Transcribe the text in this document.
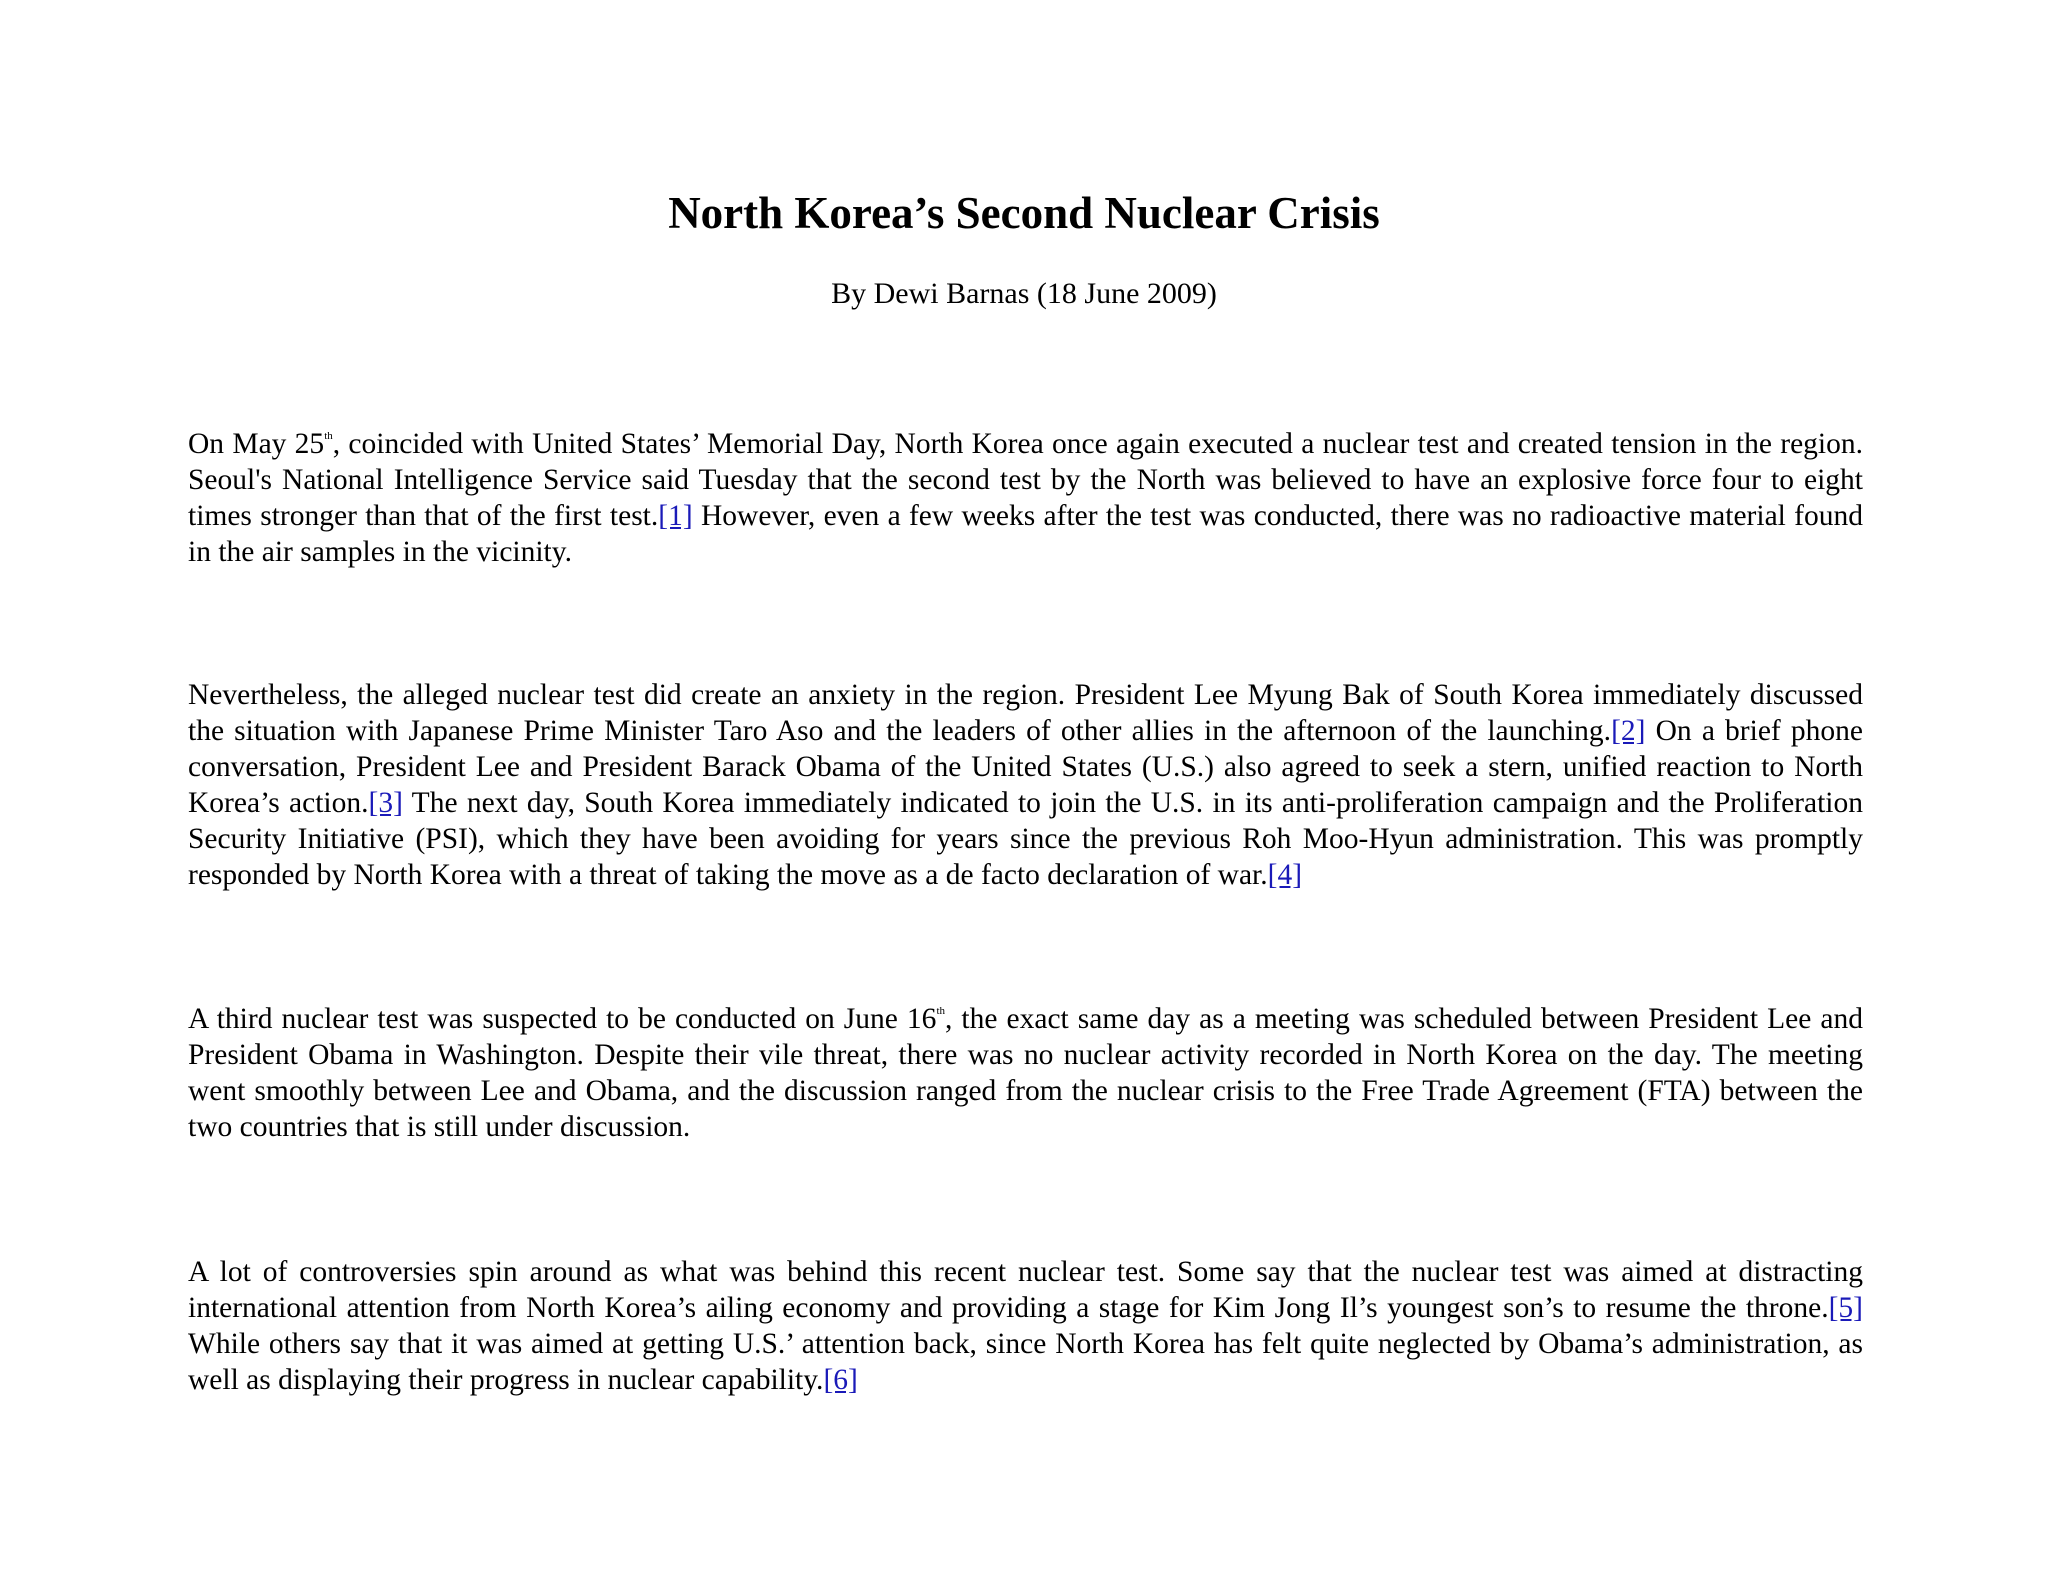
North Korea’s Second Nuclear Crisis

By Dewi Barnas (18 June 2009)

On May 25th, coincided with United States’ Memorial Day, North Korea once again executed a nuclear test and created tension in the region. Seoul's National Intelligence Service said Tuesday that the second test by the North was believed to have an explosive force four to eight times stronger than that of the first test.[1] However, even a few weeks after the test was conducted, there was no radioactive material found in the air samples in the vicinity.

Nevertheless, the alleged nuclear test did create an anxiety in the region. President Lee Myung Bak of South Korea immediately discussed the situation with Japanese Prime Minister Taro Aso and the leaders of other allies in the afternoon of the launching.[2] On a brief phone conversation, President Lee and President Barack Obama of the United States (U.S.) also agreed to seek a stern, unified reaction to North Korea’s action.[3] The next day, South Korea immediately indicated to join the U.S. in its anti-proliferation campaign and the Proliferation Security Initiative (PSI), which they have been avoiding for years since the previous Roh Moo-Hyun administration. This was promptly responded by North Korea with a threat of taking the move as a de facto declaration of war.[4]

A third nuclear test was suspected to be conducted on June 16th, the exact same day as a meeting was scheduled between President Lee and President Obama in Washington. Despite their vile threat, there was no nuclear activity recorded in North Korea on the day. The meeting went smoothly between Lee and Obama, and the discussion ranged from the nuclear crisis to the Free Trade Agreement (FTA) between the two countries that is still under discussion.

A lot of controversies spin around as what was behind this recent nuclear test. Some say that the nuclear test was aimed at distracting international attention from North Korea’s ailing economy and providing a stage for Kim Jong Il’s youngest son’s to resume the throne.[5] While others say that it was aimed at getting U.S.’ attention back, since North Korea has felt quite neglected by Obama’s administration, as well as displaying their progress in nuclear capability.[6]
